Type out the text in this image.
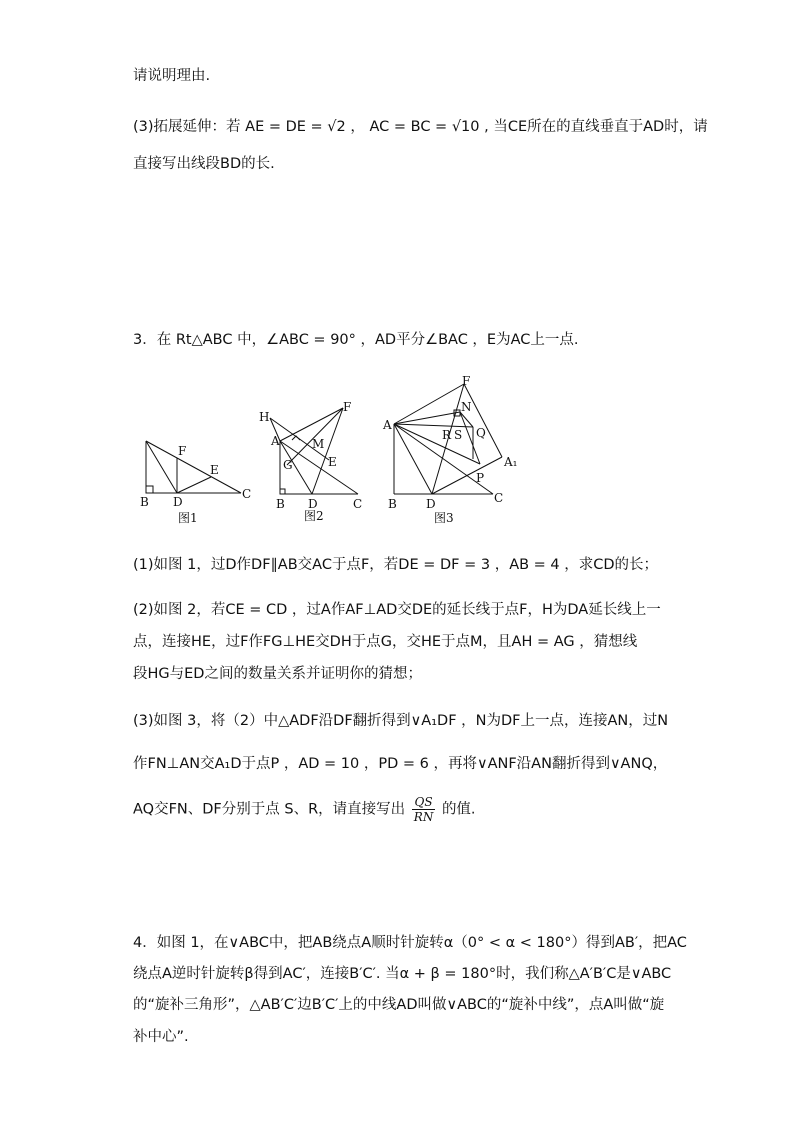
请说明理由.
(3)拓展延伸：若 AE = DE = √2 ， AC = BC = √10 , 当CE所在的直线垂直于AD时，请
直接写出线段BD的长.
3．在 Rt△ABC 中，∠ABC = 90° ，AD平分∠BAC ，E为AC上一点.
B D
C
F
E
图1
H
F
A	M
G	E
B D	C
图2
F
N
A
R S Q
A₁
P
B D	C
图3
(1)如图 1，过D作DF∥AB交AC于点F，若DE = DF = 3 ，AB = 4 ，求CD的长；
(2)如图 2，若CE = CD ，过A作AF⊥AD交DE的延长线于点F，H为DA延长线上一
点，连接HE，过F作FG⊥HE交DH于点G，交HE于点M，且AH = AG ，猜想线
段HG与ED之间的数量关系并证明你的猜想；
(3)如图 3，将（2）中△ADF沿DF翻折得到∨A₁DF ，N为DF上一点，连接AN，过N
作FN⊥AN交A₁D于点P ，AD = 10 ，PD = 6 ，再将∨ANF沿AN翻折得到∨ANQ，
AQ交FN、DF分别于点 S、R，请直接写出 $\frac{QS}{RN}$ 的值.
4．如图 1，在∨ABC中，把AB绕点A顺时针旋转α（0° < α < 180°）得到AB′，把AC
绕点A逆时针旋转β得到AC′，连接B′C′. 当α + β = 180°时，我们称△A′B′C是∨ABC
的“旋补三角形”，△AB′C′边B′C′上的中线AD叫做∨ABC的“旋补中线”，点A叫做“旋
补中心”.
